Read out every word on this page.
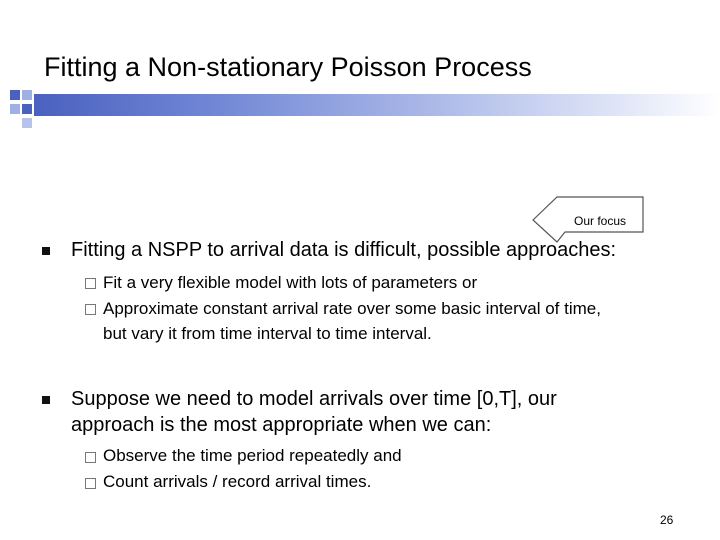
Fitting a Non-stationary Poisson Process
Our focus
Fitting a NSPP to arrival data is difficult, possible approaches:
Fit a very flexible model with lots of parameters or
Approximate constant arrival rate over some basic interval of time,
but vary it from time interval to time interval.
Suppose we need to model arrivals over time [0,T], our
approach is the most appropriate when we can:
Observe the time period repeatedly and
Count arrivals / record arrival times.
26
